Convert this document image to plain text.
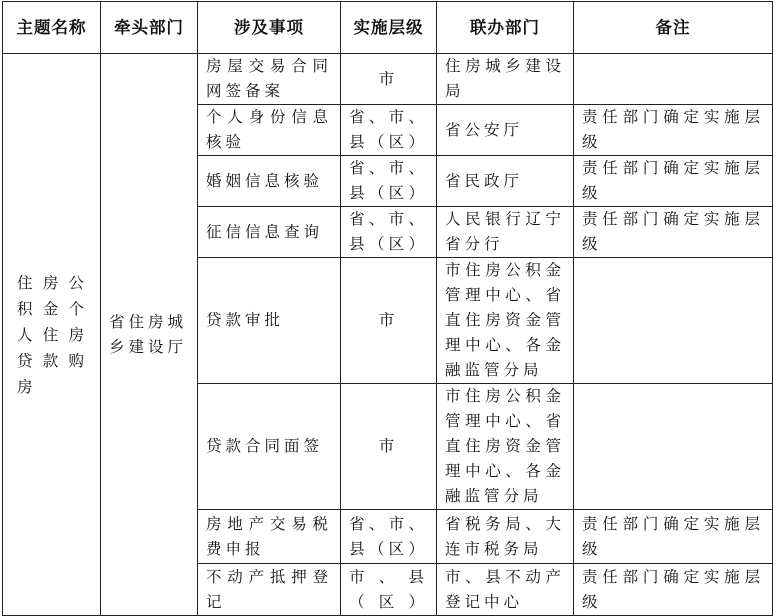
主题名称	牵头部门	涉及事项	实施层级	联办部门	备注
住房公积金个人住房贷款购房	省住房城乡建设厅	房屋交易合同网签备案	市	住房城乡建设局	
		个人身份信息核验	省、市、县（区）	省公安厅	责任部门确定实施层级
		婚姻信息核验	省、市、县（区）	省民政厅	责任部门确定实施层级
		征信信息查询	省、市、县（区）	人民银行辽宁省分行	责任部门确定实施层级
		贷款审批	市	市住房公积金管理中心、省直住房资金管理中心、各金融监管分局	
		贷款合同面签	市	市住房公积金管理中心、省直住房资金管理中心、各金融监管分局	
		房地产交易税费申报	省、市、县（区）	省税务局、大连市税务局	责任部门确定实施层级
		不动产抵押登记	市、县（区）	市、县不动产登记中心	责任部门确定实施层级
